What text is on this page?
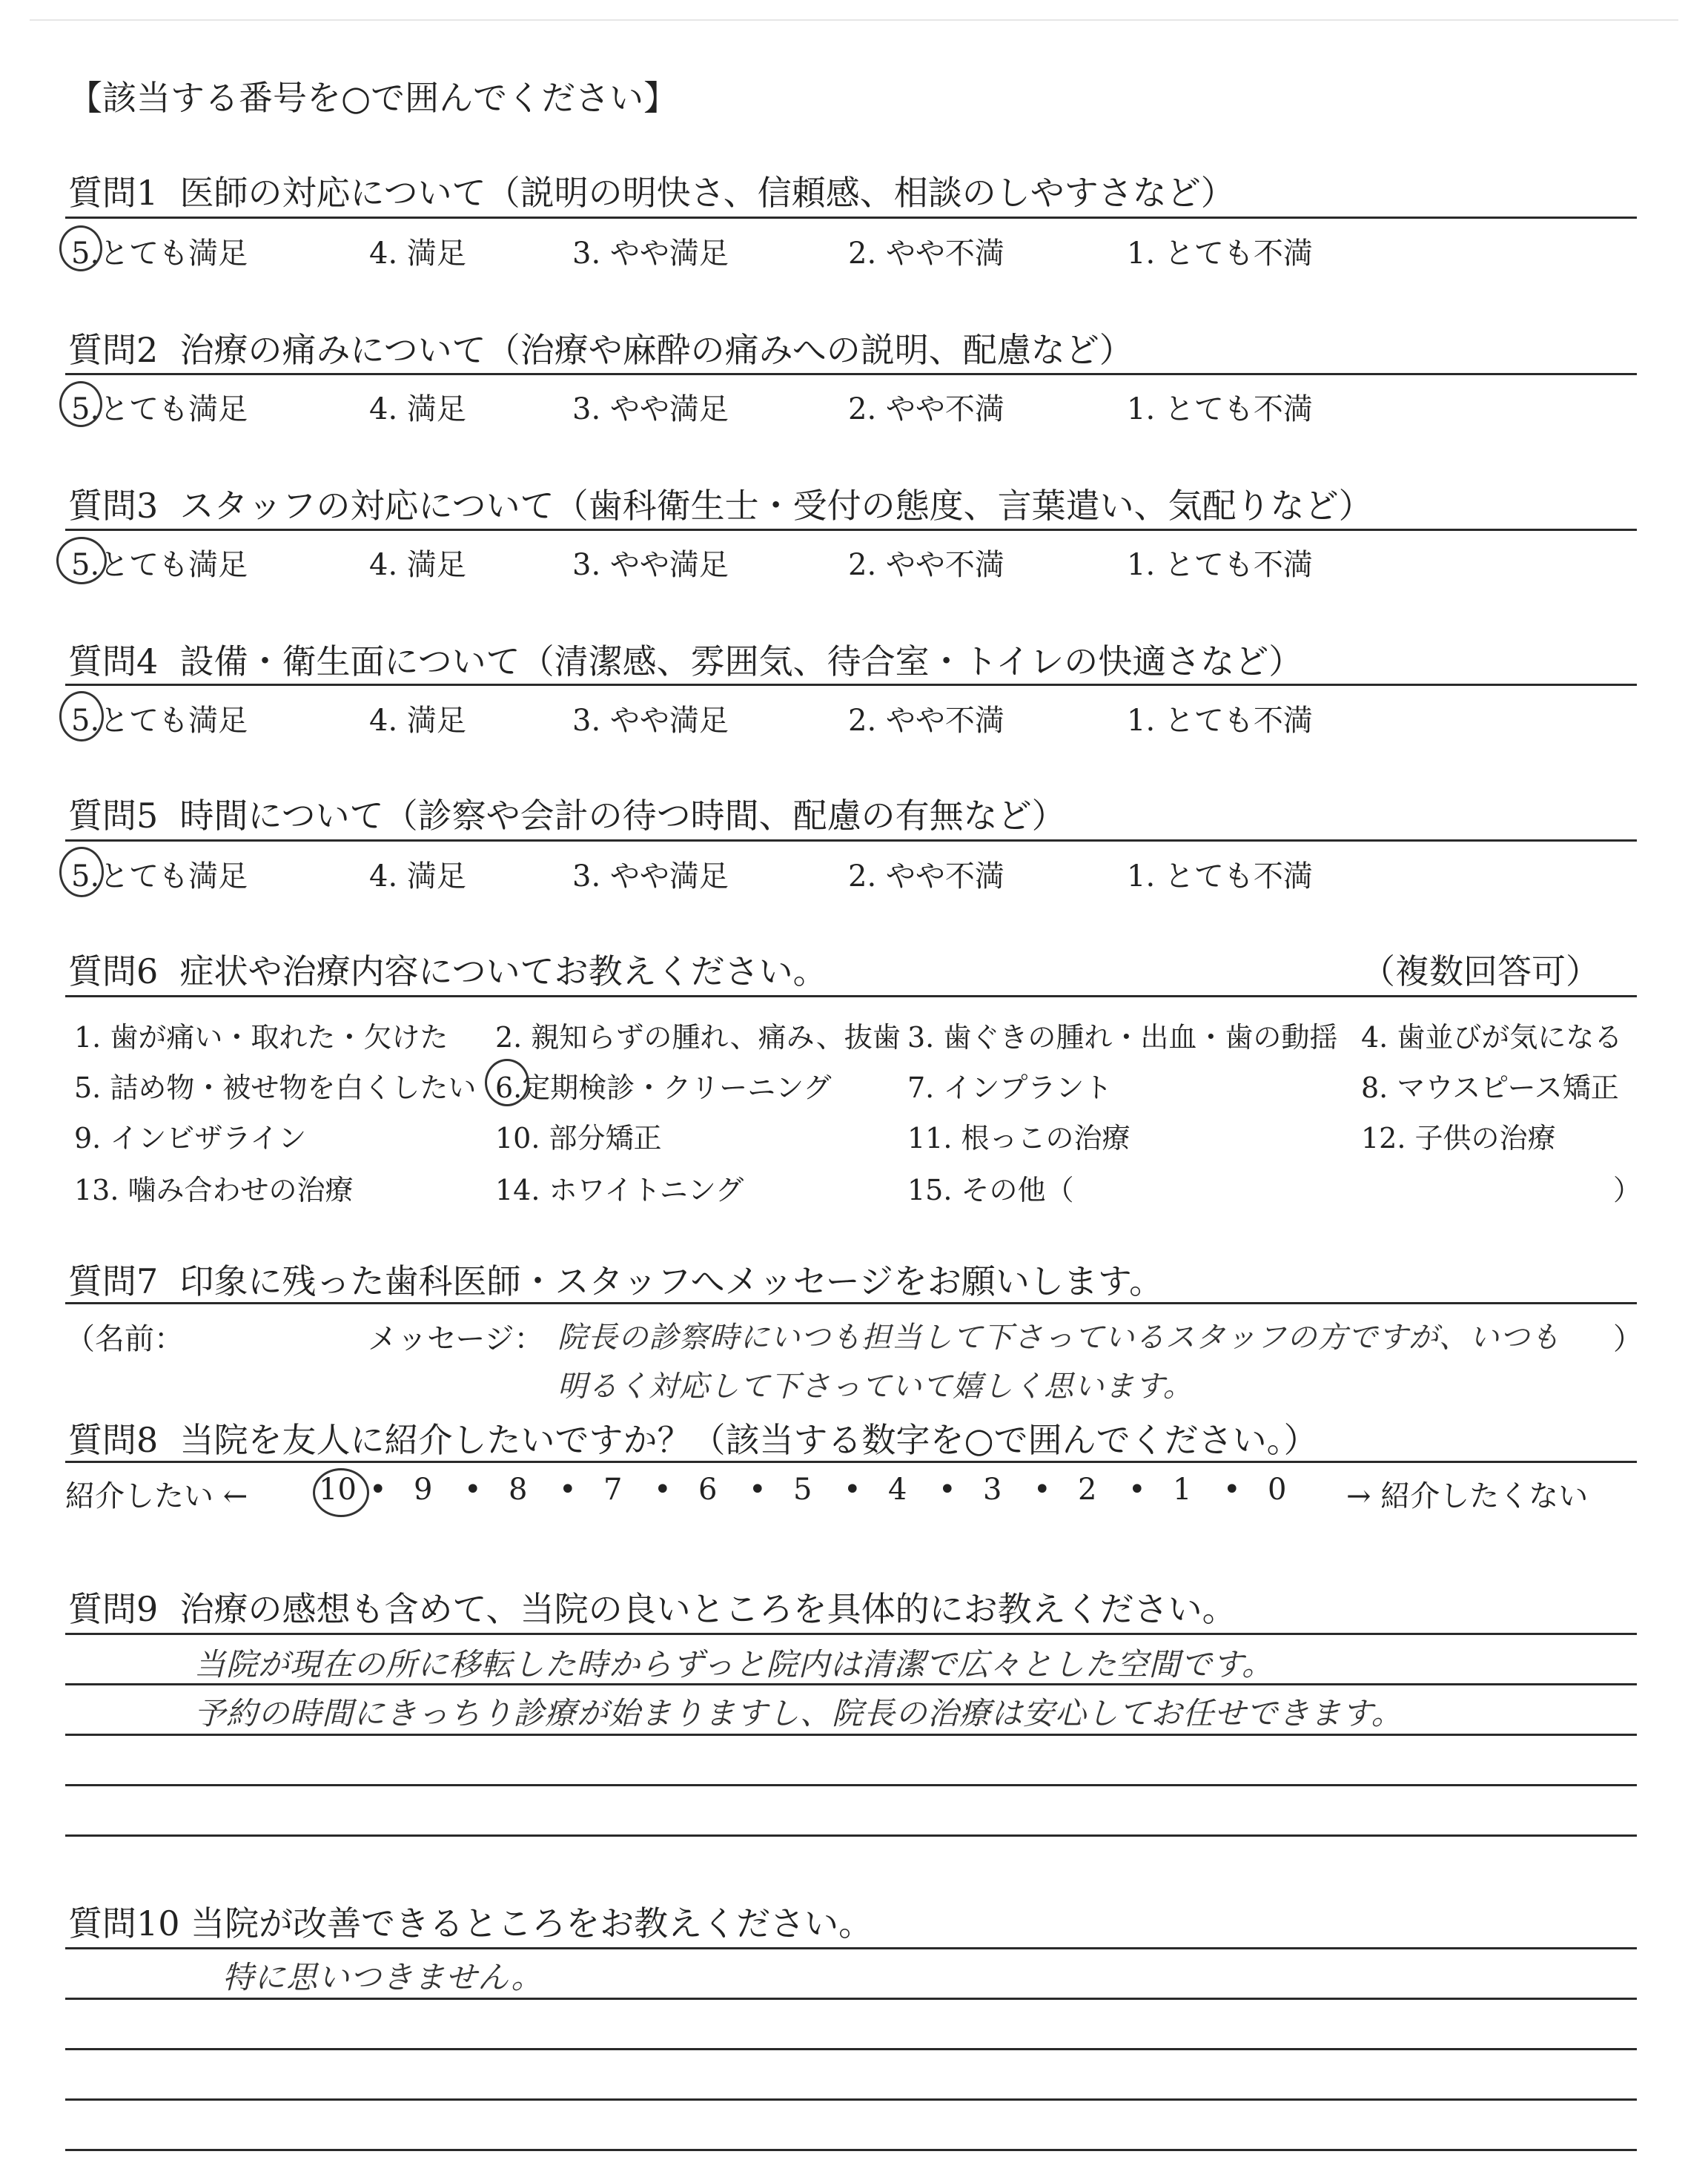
【該当する番号を○で囲んでください】
質問1 医師の対応について（説明の明快さ、信頼感、相談のしやすさなど）
5.とても満足	4. 満足	3. やや満足	2. やや不満	1. とても不満
質問2 治療の痛みについて（治療や麻酔の痛みへの説明、配慮など）
5.とても満足	4. 満足	3. やや満足	2. やや不満	1. とても不満
質問3 スタッフの対応について（歯科衛生士・受付の態度、言葉遣い、気配りなど）
5.とても満足	4. 満足	3. やや満足	2. やや不満	1. とても不満
質問4 設備・衛生面について（清潔感、雰囲気、待合室・トイレの快適さなど）
5.とても満足	4. 満足	3. やや満足	2. やや不満	1. とても不満
質問5 時間について（診察や会計の待つ時間、配慮の有無など）
5.とても満足	4. 満足	3. やや満足	2. やや不満	1. とても不満
質問6 症状や治療内容についてお教えください。	（複数回答可）
1. 歯が痛い・取れた・欠けた 2. 親知らずの腫れ、痛み、抜歯 3. 歯ぐきの腫れ・出血・歯の動揺 4. 歯並びが気になる
5. 詰め物・被せ物を白くしたい 6.定期検診・クリーニング	7. インプラント	8. マウスピース矯正
9. インビザライン	10. 部分矯正	11. 根っこの治療	12. 子供の治療
13. 噛み合わせの治療	14. ホワイトニング	15. その他（	）
質問7 印象に残った歯科医師・スタッフへメッセージをお願いします。
（名前：	メッセージ：	）
院長の診察時にいつも担当して下さっているスタッフの方ですが、いつも
明るく対応して下さっていて嬉しく思います。
質問8 当院を友人に紹介したいですか？（該当する数字を○で囲んでください。）
紹介したい ← 10 • 9 • 8 • 7 • 6 • 5 • 4 • 3 • 2 • 1 • 0 → 紹介したくない
質問9 治療の感想も含めて、当院の良いところを具体的にお教えください。
当院が現在の所に移転した時からずっと院内は清潔で広々とした空間です。
予約の時間にきっちり診療が始まりますし、院長の治療は安心してお任せできます。
質問10 当院が改善できるところをお教えください。
特に思いつきません。
